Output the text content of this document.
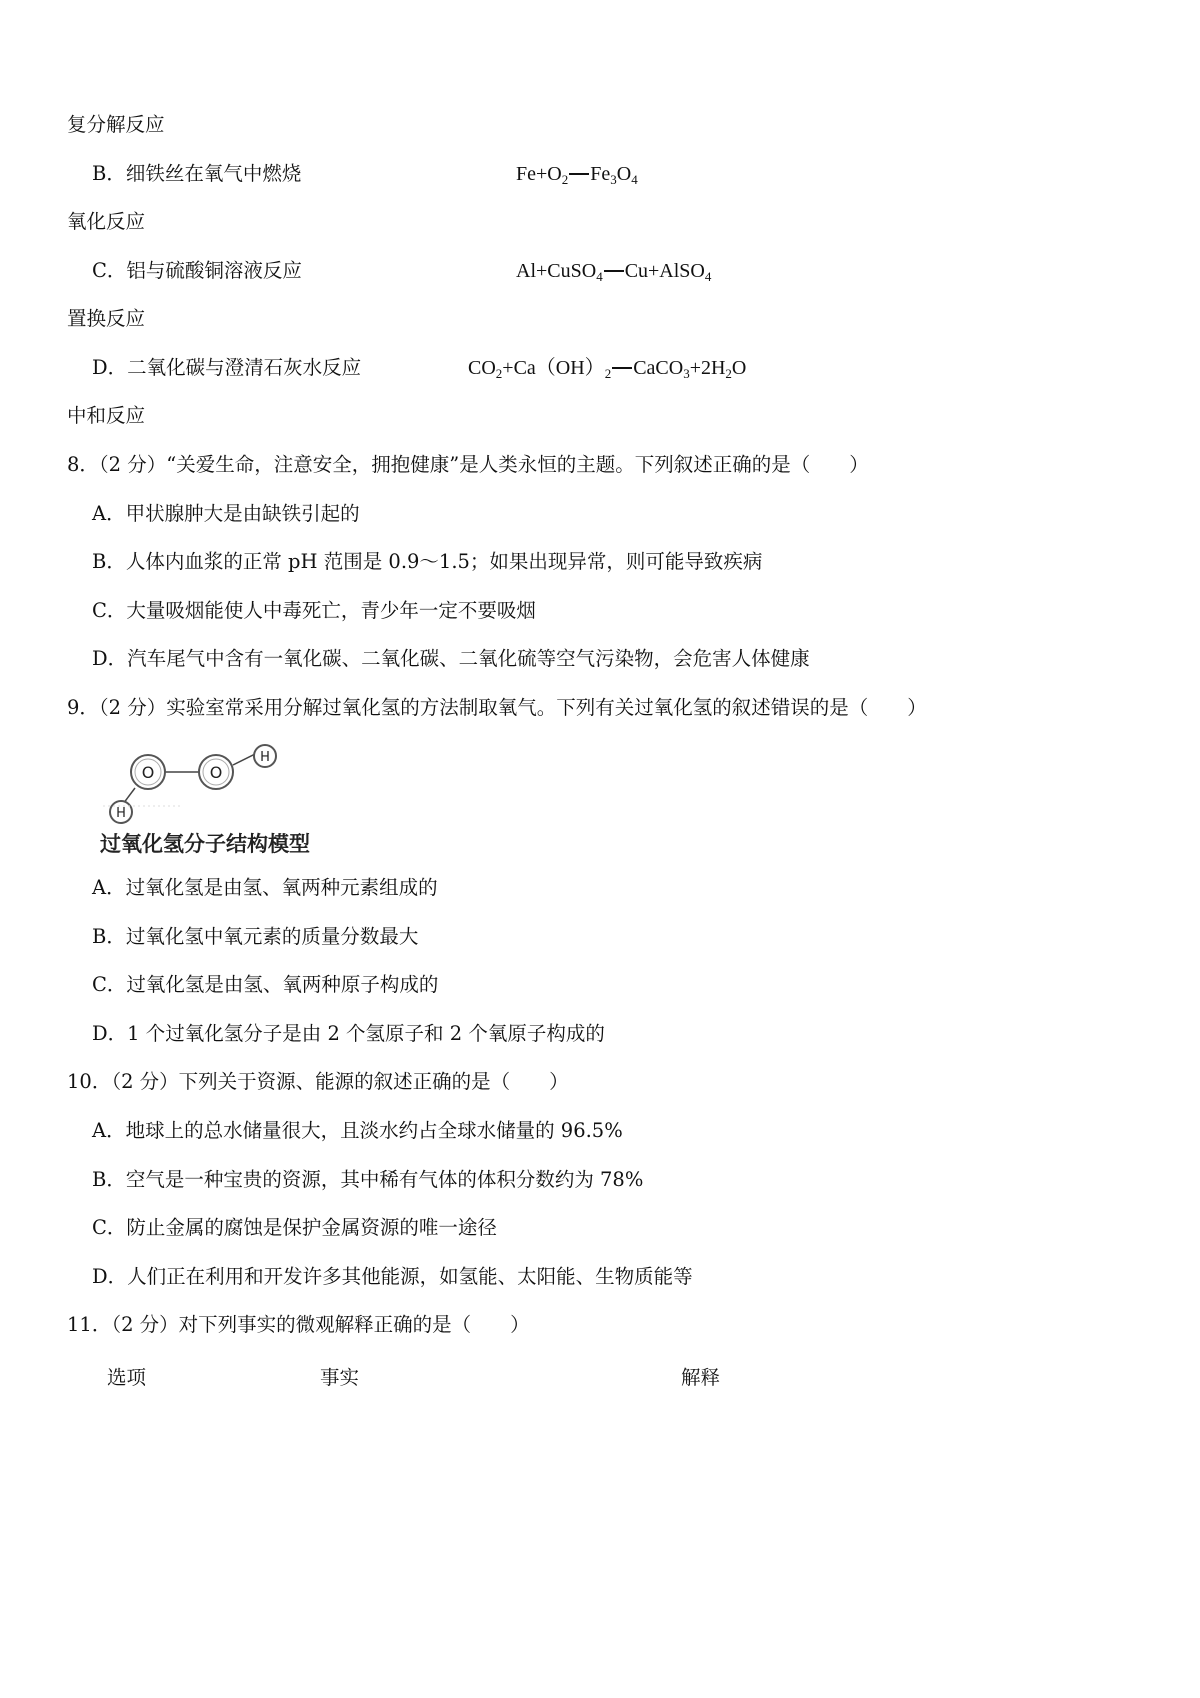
复分解反应
B．细铁丝在氧气中燃烧	$Fe+O_2$ $Fe_3O_4$
氧化反应
C．铝与硫酸铜溶液反应	Al+CuSO$_4$ Cu+AlSO$_4$
置换反应
D．二氧化碳与澄清石灰水反应	$CO_2+Ca(OH)_2$ $CaCO_3+2H_2O$
中和反应
8．（2 分）“关爱生命，注意安全，拥抱健康”是人类永恒的主题。下列叙述正确的是（　　）
A．甲状腺肿大是由缺铁引起的
B．人体内血浆的正常 pH 范围是 0.9～1.5；如果出现异常，则可能导致疾病
C．大量吸烟能使人中毒死亡，青少年一定不要吸烟
D．汽车尾气中含有一氧化碳、二氧化碳、二氧化硫等空气污染物，会危害人体健康
9．（2 分）实验室常采用分解过氧化氢的方法制取氧气。下列有关过氧化氢的叙述错误的是（　　）
O	O
H
H
过氧化氢分子结构模型
A．过氧化氢是由氢、氧两种元素组成的
B．过氧化氢中氧元素的质量分数最大
C．过氧化氢是由氢、氧两种原子构成的
D．1 个过氧化氢分子是由 2 个氢原子和 2 个氧原子构成的
10．（2 分）下列关于资源、能源的叙述正确的是（　　）
A．地球上的总水储量很大，且淡水约占全球水储量的 96.5%
B．空气是一种宝贵的资源，其中稀有气体的体积分数约为 78%
C．防止金属的腐蚀是保护金属资源的唯一途径
D．人们正在利用和开发许多其他能源，如氢能、太阳能、生物质能等
11．（2 分）对下列事实的微观解释正确的是（　　）
选项	事实	解释
